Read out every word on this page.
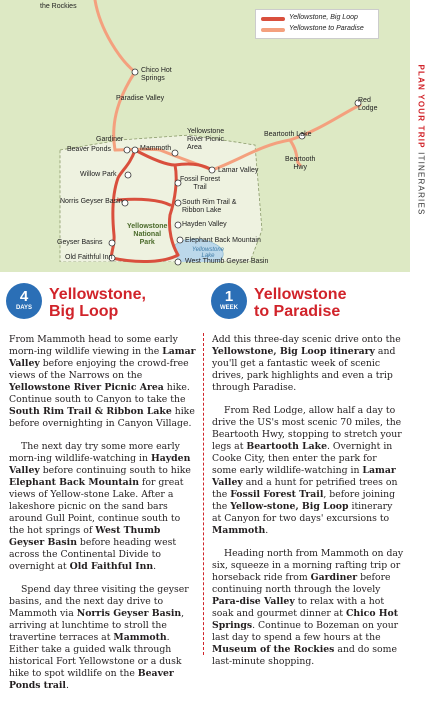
the Rockies
Chico Hot
Springs
Paradise Valley	Red
Lodge
Gardiner
Beaver Ponds	Mammoth
Yellowstone
River Picnic
Area
Beartooth Lake
Beartooth
Hwy
Lamar Valley
Willow Park
Fossil Forest
Trail
Norris Geyser Basin	South Rim Trail &
Ribbon Lake
Hayden Valley
Yellowstone
National
Park
Geyser Basins	Elephant Back Mountain
Old Faithful Inn
Yellowstone
Lake
West Thumb Geyser Basin
Yellowstone, Big Loop
Yellowstone to Paradise
PLAN YOUR TRIP ITINERARIES
4
DAYS
Yellowstone,
Big Loop
1
WEEK
Yellowstone
to Paradise

From Mammoth head to some early morn-ing wildlife viewing in the Lamar Valley before enjoying the crowd-free views of the Narrows on the Yellowstone River Picnic Area hike. Continue south to Canyon to take the South Rim Trail & Ribbon Lake hike before overnighting in Canyon Village.

The next day try some more early morn-ing wildlife-watching in Hayden Valley before continuing south to hike Elephant Back Mountain for great views of Yellow-stone Lake. After a lakeshore picnic on the sand bars around Gull Point, continue south to the hot springs of West Thumb Geyser Basin before heading west across the Continental Divide to overnight at Old Faithful Inn.

Spend day three visiting the geyser basins, and the next day drive to Mammoth via Norris Geyser Basin, arriving at lunchtime to stroll the travertine terraces at Mammoth. Either take a guided walk through historical Fort Yellowstone or a dusk hike to spot wildlife on the Beaver Ponds trail.

Add this three-day scenic drive onto the Yellowstone, Big Loop itinerary and you'll get a fantastic week of scenic drives, park highlights and even a trip through Paradise.

From Red Lodge, allow half a day to drive the US's most scenic 70 miles, the Beartooth Hwy, stopping to stretch your legs at Beartooth Lake. Overnight in Cooke City, then enter the park for some early wildlife-watching in Lamar Valley and a hunt for petrified trees on the Fossil Forest Trail, before joining the Yellow-stone, Big Loop itinerary at Canyon for two days' excursions to Mammoth.

Heading north from Mammoth on day six, squeeze in a morning rafting trip or horseback ride from Gardiner before continuing north through the lovely Para-dise Valley to relax with a hot soak and gourmet dinner at Chico Hot Springs. Continue to Bozeman on your last day to spend a few hours at the Museum of the Rockies and do some last-minute shopping.
